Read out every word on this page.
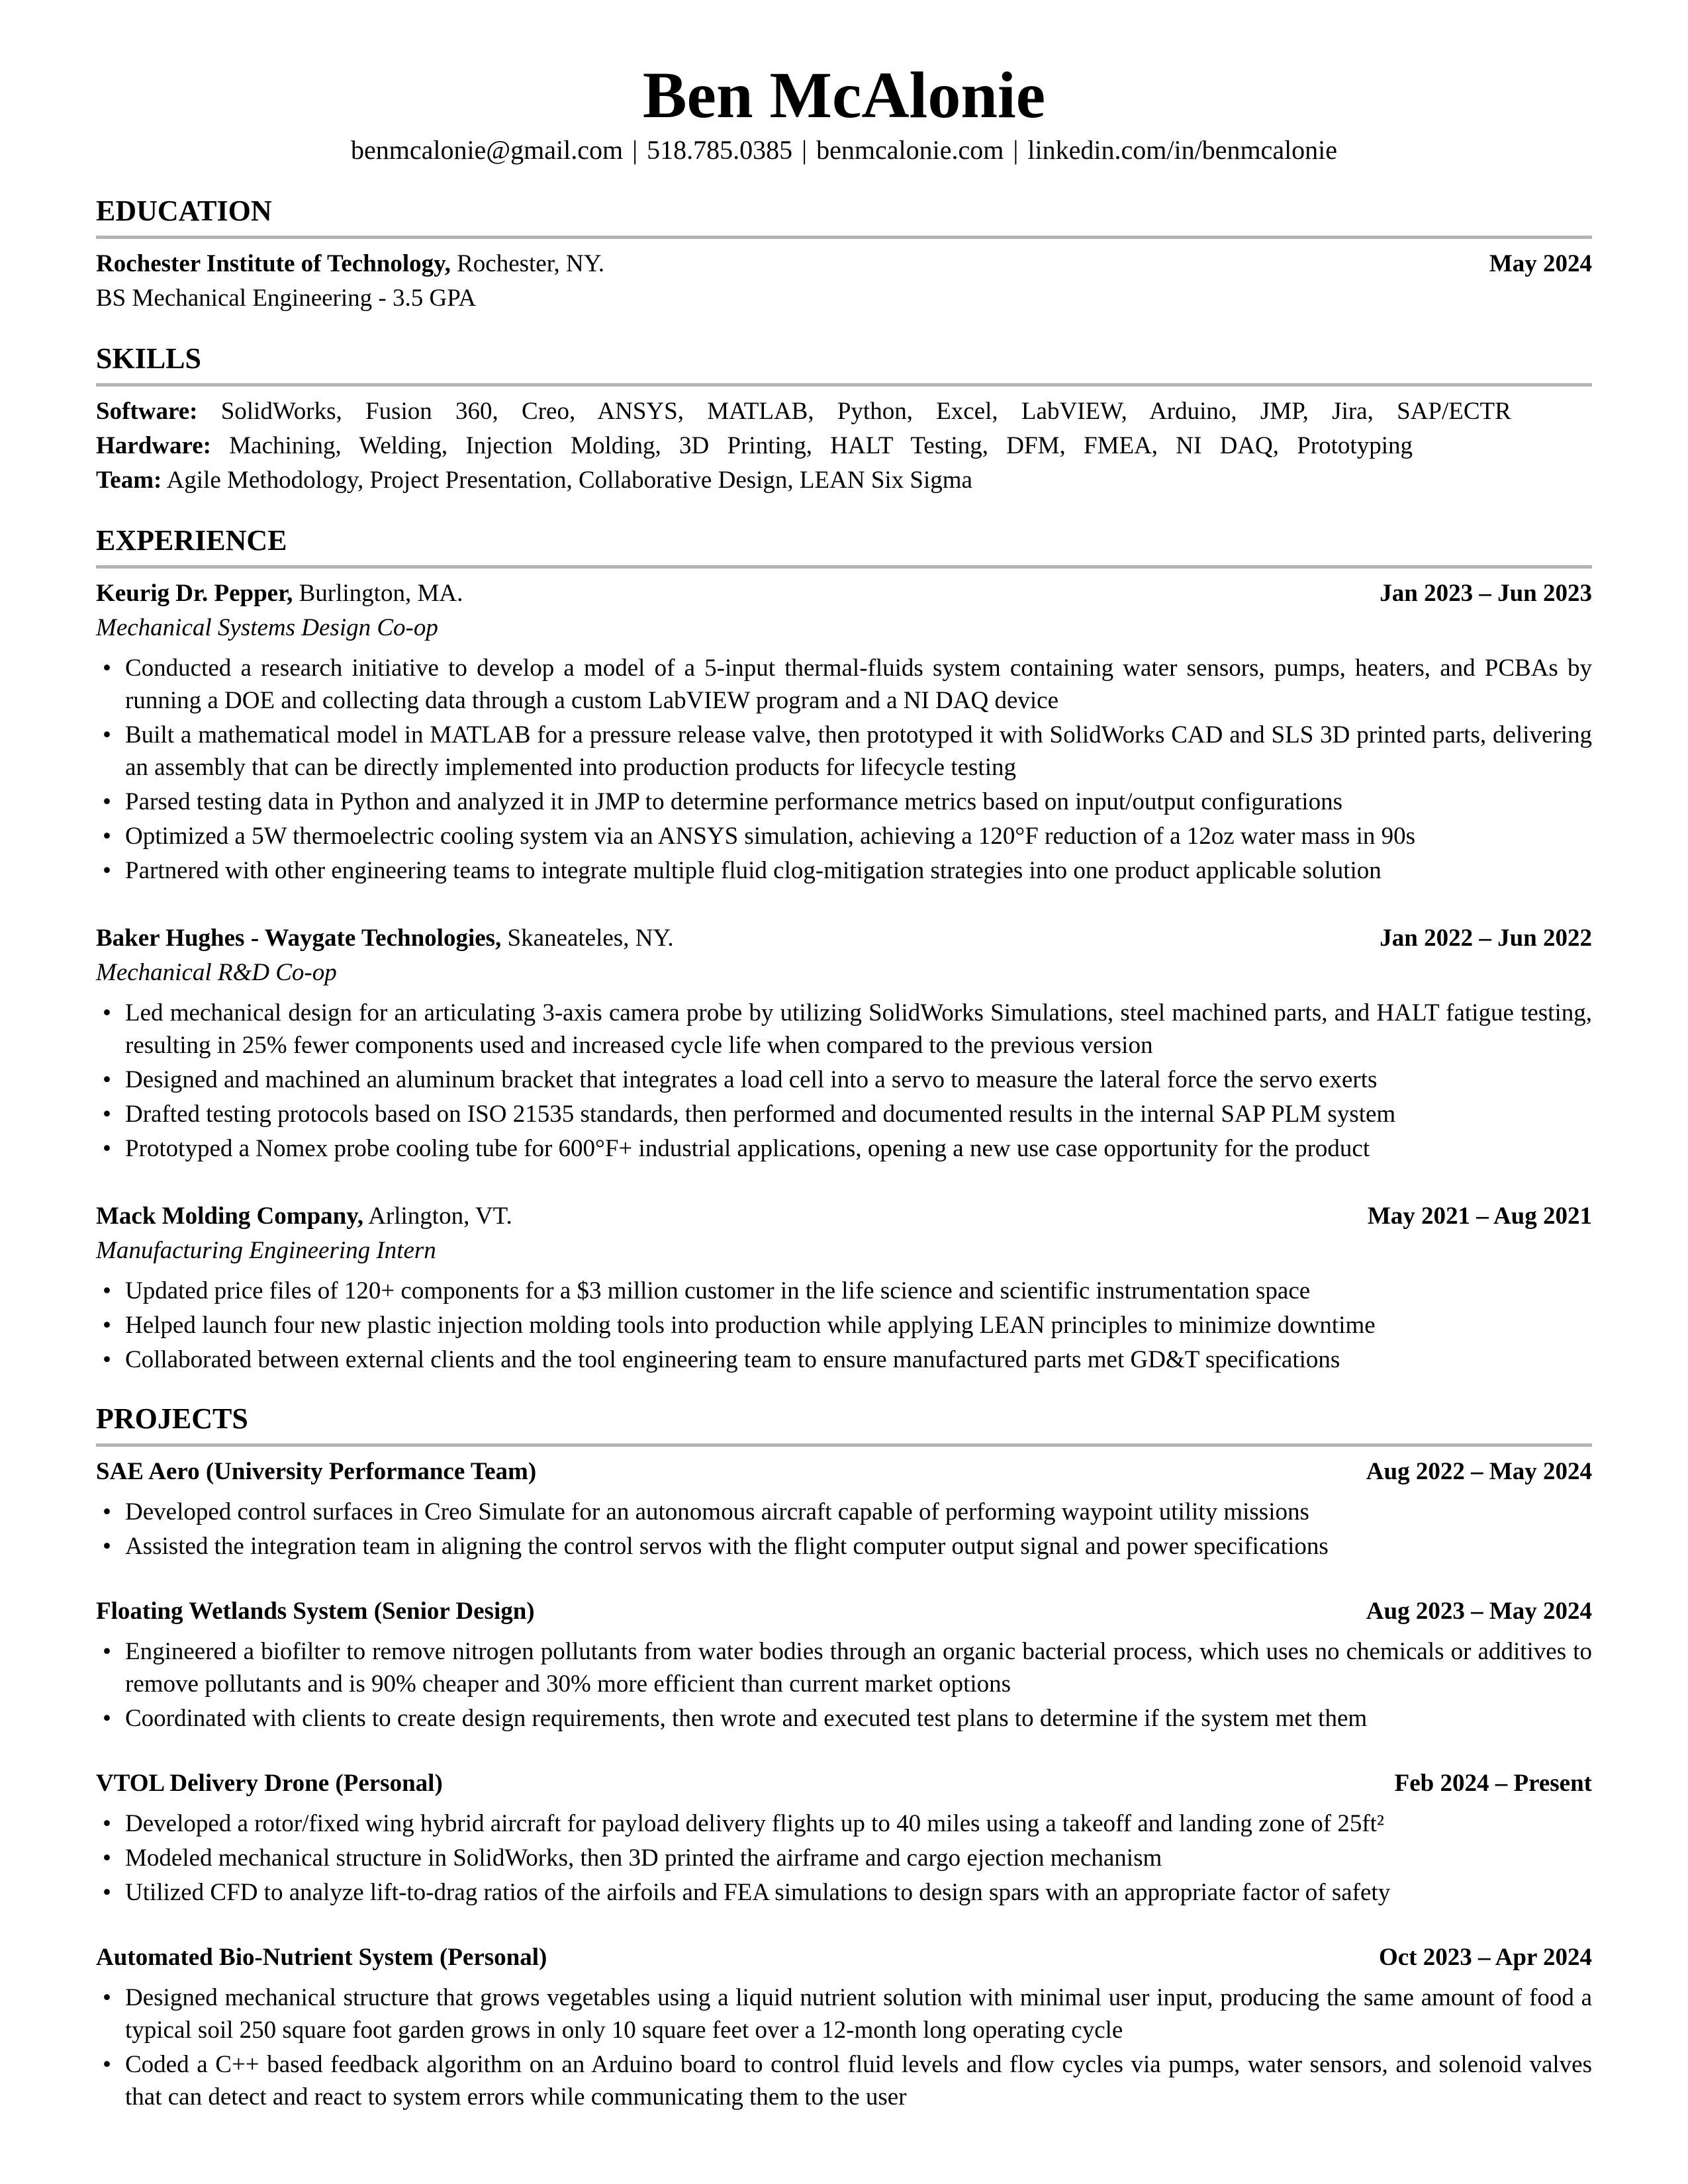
Ben McAlonie
benmcalonie@gmail.com | 518.785.0385 | benmcalonie.com | linkedin.com/in/benmcalonie
EDUCATION
Rochester Institute of Technology, Rochester, NY.	May 2024
BS Mechanical Engineering - 3.5 GPA
SKILLS
Software: SolidWorks, Fusion 360, Creo, ANSYS, MATLAB, Python, Excel, LabVIEW, Arduino, JMP, Jira, SAP/ECTR
Hardware: Machining, Welding, Injection Molding, 3D Printing, HALT Testing, DFM, FMEA, NI DAQ, Prototyping
Team: Agile Methodology, Project Presentation, Collaborative Design, LEAN Six Sigma
EXPERIENCE
Keurig Dr. Pepper, Burlington, MA.	Jan 2023 – Jun 2023
Mechanical Systems Design Co-op
• Conducted a research initiative to develop a model of a 5-input thermal-fluids system containing water sensors, pumps, heaters, and PCBAs by running a DOE and collecting data through a custom LabVIEW program and a NI DAQ device
• Built a mathematical model in MATLAB for a pressure release valve, then prototyped it with SolidWorks CAD and SLS 3D printed parts, delivering an assembly that can be directly implemented into production products for lifecycle testing
• Parsed testing data in Python and analyzed it in JMP to determine performance metrics based on input/output configurations
• Optimized a 5W thermoelectric cooling system via an ANSYS simulation, achieving a 120°F reduction of a 12oz water mass in 90s
• Partnered with other engineering teams to integrate multiple fluid clog-mitigation strategies into one product applicable solution
Baker Hughes - Waygate Technologies, Skaneateles, NY.	Jan 2022 – Jun 2022
Mechanical R&D Co-op
• Led mechanical design for an articulating 3-axis camera probe by utilizing SolidWorks Simulations, steel machined parts, and HALT fatigue testing, resulting in 25% fewer components used and increased cycle life when compared to the previous version
• Designed and machined an aluminum bracket that integrates a load cell into a servo to measure the lateral force the servo exerts
• Drafted testing protocols based on ISO 21535 standards, then performed and documented results in the internal SAP PLM system
• Prototyped a Nomex probe cooling tube for 600°F+ industrial applications, opening a new use case opportunity for the product
Mack Molding Company, Arlington, VT.	May 2021 – Aug 2021
Manufacturing Engineering Intern
• Updated price files of 120+ components for a $3 million customer in the life science and scientific instrumentation space
• Helped launch four new plastic injection molding tools into production while applying LEAN principles to minimize downtime
• Collaborated between external clients and the tool engineering team to ensure manufactured parts met GD&T specifications
PROJECTS
SAE Aero (University Performance Team)	Aug 2022 – May 2024
• Developed control surfaces in Creo Simulate for an autonomous aircraft capable of performing waypoint utility missions
• Assisted the integration team in aligning the control servos with the flight computer output signal and power specifications
Floating Wetlands System (Senior Design)	Aug 2023 – May 2024
• Engineered a biofilter to remove nitrogen pollutants from water bodies through an organic bacterial process, which uses no chemicals or additives to remove pollutants and is 90% cheaper and 30% more efficient than current market options
• Coordinated with clients to create design requirements, then wrote and executed test plans to determine if the system met them
VTOL Delivery Drone (Personal)	Feb 2024 – Present
• Developed a rotor/fixed wing hybrid aircraft for payload delivery flights up to 40 miles using a takeoff and landing zone of 25ft²
• Modeled mechanical structure in SolidWorks, then 3D printed the airframe and cargo ejection mechanism
• Utilized CFD to analyze lift-to-drag ratios of the airfoils and FEA simulations to design spars with an appropriate factor of safety
Automated Bio-Nutrient System (Personal)	Oct 2023 – Apr 2024
• Designed mechanical structure that grows vegetables using a liquid nutrient solution with minimal user input, producing the same amount of food a typical soil 250 square foot garden grows in only 10 square feet over a 12-month long operating cycle
• Coded a C++ based feedback algorithm on an Arduino board to control fluid levels and flow cycles via pumps, water sensors, and solenoid valves that can detect and react to system errors while communicating them to the user
